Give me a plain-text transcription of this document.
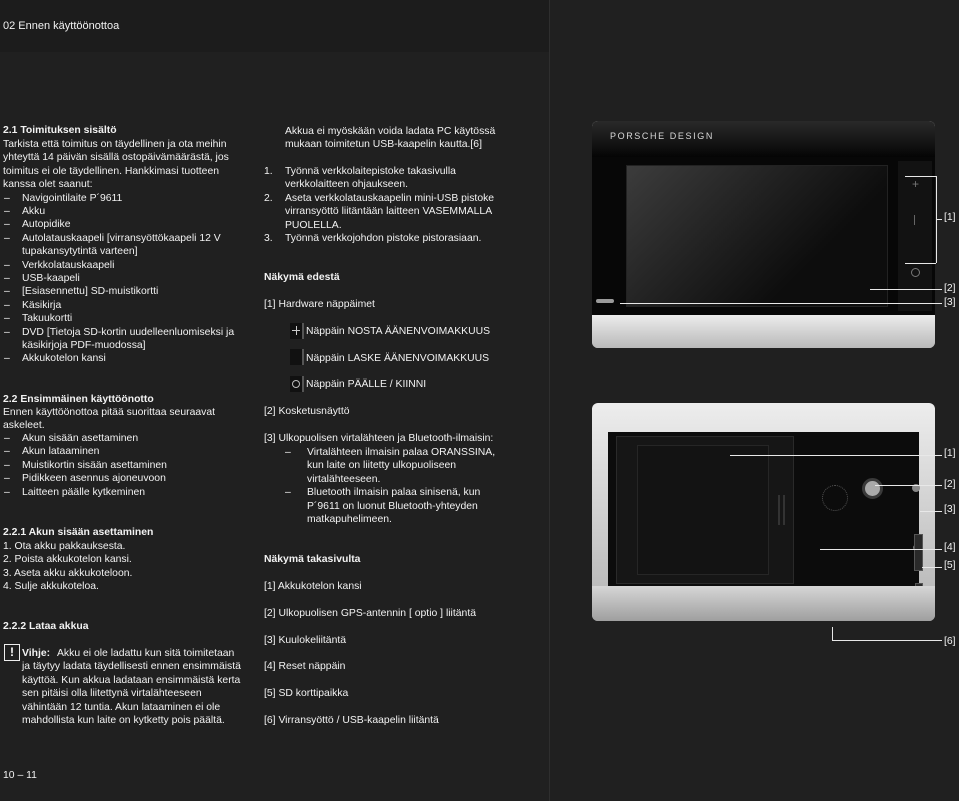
02 Ennen käyttöönottoa
2.1 Toimituksen sisältö
Tarkista että toimitus on täydellinen ja ota meihin
yhteyttä 14 päivän sisällä ostopäivämäärästä, jos
toimitus ei ole täydellinen. Hankkimasi tuotteen
kanssa olet saanut:
– Navigointilaite P´9611
– Akku
– Autopidike
– Autolatauskaapeli [virransyöttökaapeli 12 V
tupakansytytintä varteen]
– Verkkolatauskaapeli
– USB-kaapeli
– [Esiasennettu] SD-muistikortti
– Käsikirja
– Takuukortti
– DVD [Tietoja SD-kortin uudelleenluomiseksi ja
käsikirjoja PDF-muodossa]
– Akkukotelon kansi
2.2 Ensimmäinen käyttöönotto
Ennen käyttöönottoa pitää suorittaa seuraavat
askeleet.
– Akun sisään asettaminen
– Akun lataaminen
– Muistikortin sisään asettaminen
– Pidikkeen asennus ajoneuvoon
– Laitteen päälle kytkeminen
2.2.1 Akun sisään asettaminen
1. Ota akku pakkauksesta.
2. Poista akkukotelon kansi.
3. Aseta akku akkukoteloon.
4. Sulje akkukoteloa.
2.2.2 Lataa akkua
! Vihje: Akku ei ole ladattu kun sitä toimitetaan
ja täytyy ladata täydellisesti ennen ensimmäistä
käyttöä. Kun akkua ladataan ensimmäistä kerta
sen pitäisi olla liitettynä virtalähteeseen
vähintään 12 tuntia. Akun lataaminen ei ole
mahdollista kun laite on kytketty pois päältä.
10 – 11
Akkua ei myöskään voida ladata PC käytössä
mukaan toimitetun USB-kaapelin kautta.[6]
1. Työnnä verkkolaitepistoke takasivulla
verkkolaitteen ohjaukseen.
2. Aseta verkkolatauskaapelin mini-USB pistoke
virransyöttö liitäntään laitteen VASEMMALLA
PUOLELLA.
3. Työnnä verkkojohdon pistoke pistorasiaan.
Näkymä edestä
[1] Hardware näppäimet
Näppäin NOSTA ÄÄNENVOIMAKKUUS
Näppäin LASKE ÄÄNENVOIMAKKUUS
Näppäin PÄÄLLE / KIINNI
[2] Kosketusnäyttö
[3] Ulkopuolisen virtalähteen ja Bluetooth-ilmaisin:
– Virtalähteen ilmaisin palaa ORANSSINA,
kun laite on liitetty ulkopuoliseen
virtalähteeseen.
– Bluetooth ilmaisin palaa sinisenä, kun
P´9611 on luonut Bluetooth-yhteyden
matkapuhelimeen.
Näkymä takasivulta
[1] Akkukotelon kansi
[2] Ulkopuolisen GPS-antennin [ optio ] liitäntä
[3] Kuulokeliitäntä
[4] Reset näppäin
[5] SD korttipaikka
[6] Virransyöttö / USB-kaapelin liitäntä
PORSCHE DESIGN
+
[1]
[2]
[3]
[1]
[2]
[3]
[4]
[5]
[6]
